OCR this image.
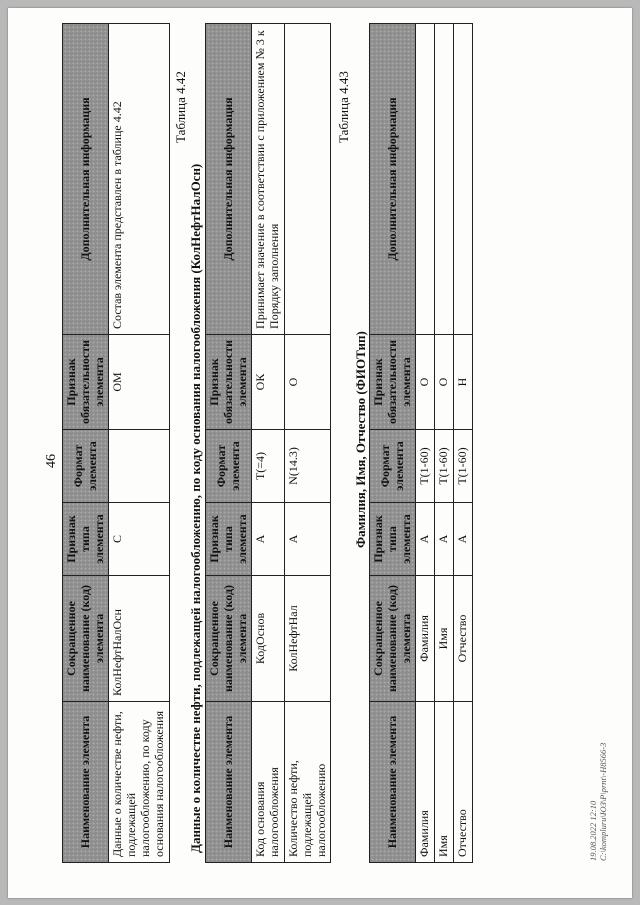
46
Наименование элемента	Сокращенное наименование (код) элемента	Признак типа элемента	Формат элемента	Признак обязательности элемента	Дополнительная информация
Данные о количестве нефти, подлежащей налогообложению, по коду основания налогообложения	КолНефтНалОсн	С		ОМ	Состав элемента представлен в таблице 4.42	Таблица 4.42
Данные о количестве нефти, подлежащей налогообложению, по коду основания налогообложения (КолНефтНалОсн) Наименование элемента	Сокращенное наименование (код) элемента	Признак типа элемента	Формат элемента	Признак обязательности элемента	Дополнительная информация
Код основания налогообложения	КодОснов	А	T(=4)	ОК	Принимает значение в соответствии с приложением № 3 к Порядку заполнения
Количество нефти, подлежащей налогообложению	КолНефтНал	А	N(14.3)	О	
Таблица 4.43
Фамилия, Имя, Отчество (ФИОТип)
Наименование элемента	Сокращенное наименование (код) элемента	Признак типа элемента	Формат элемента	Признак обязательности элемента	Дополнительная информация
Фамилия	Фамилия	А	T(1-60)	О	
Имя	Имя	А	T(1-60)	О	
Отчество	Отчество	А	T(1-60)	Н	
19.08.2022 12:10 C:\kompluru\ЮЗ\Р\prnt\-H8566-3
